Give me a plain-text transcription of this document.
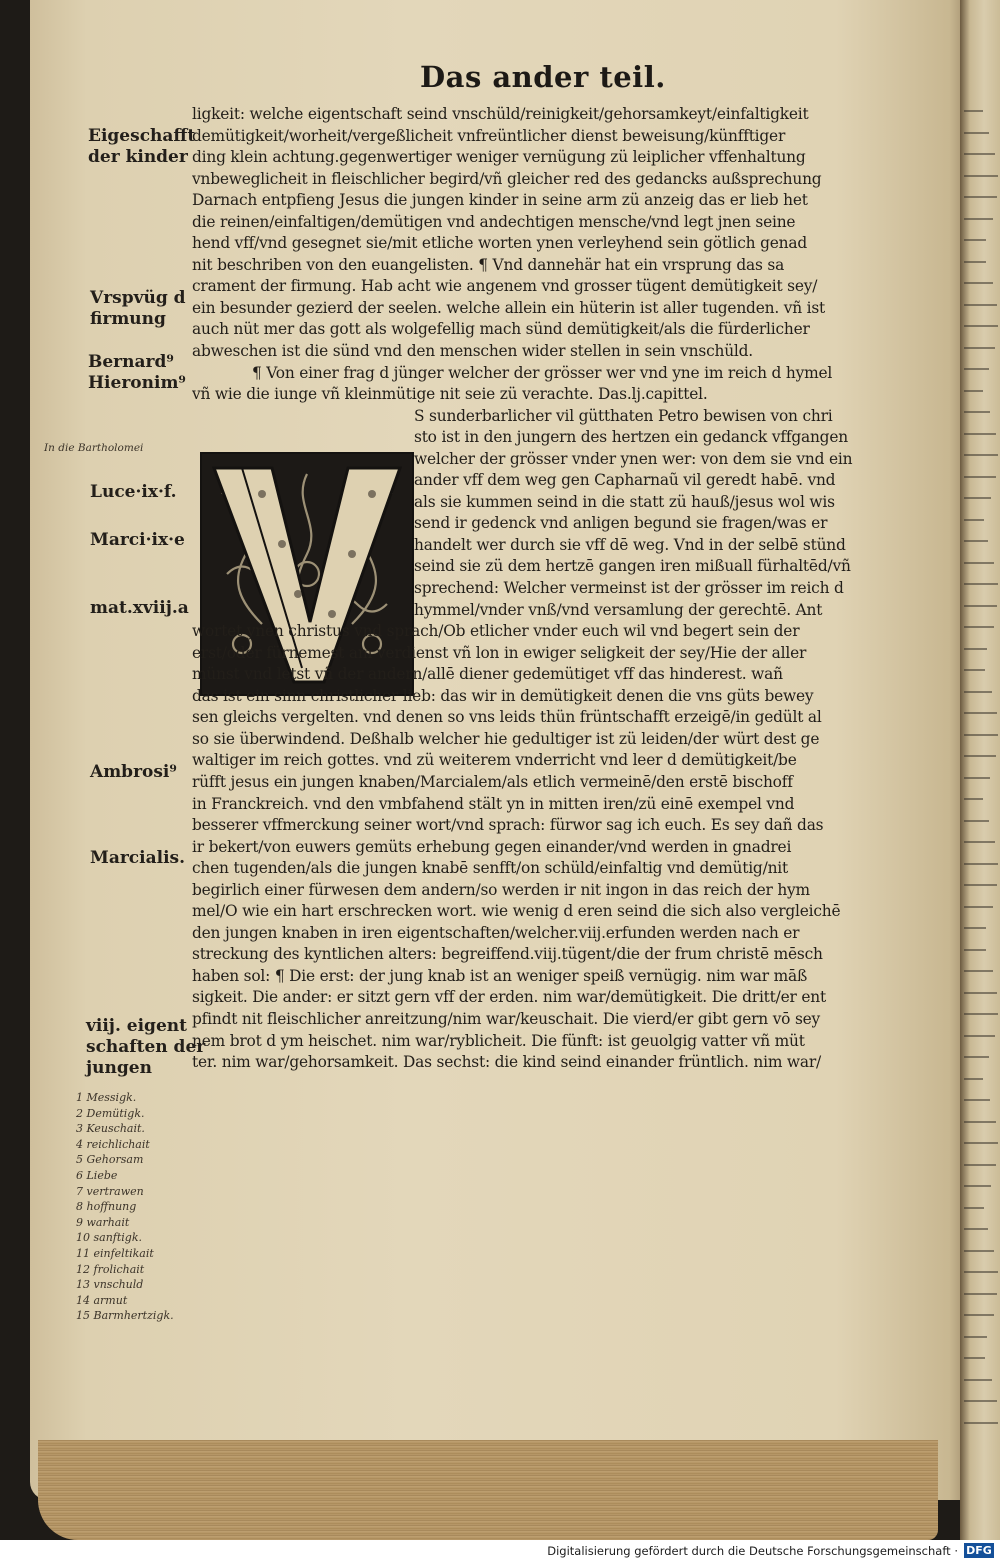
Das ander teil.
Eigeschafft
der kinder
Vrspvüg d
firmung
Bernard⁹
Hieronim⁹
Luce·ix·f.
Marci·ix·e
mat.xviij.a
Ambrosi⁹
Marcialis.
viij. eigent
schaften der
jungen
In die Bartholomei
1 Messigk.
2 Demütigk.
3 Keuschait.
4 reichlichait
5 Gehorsam
6 Liebe
7 vertrawen
8 hoffnung
9 warhait
10 sanftigk.
11 einfeltikait
12 frolichait
13 vnschuld
14 armut
15 Barmhertzigk.
ligkeit: welche eigentschaft seind vnschüld/reinigkeit/gehorsamkeyt/einfaltigkeit
demütigkeit/worheit/vergeßlicheit vnfreüntlicher dienst beweisung/künfftiger
ding klein achtung.gegenwertiger weniger vernügung zü leiplicher vffenhaltung
vnbeweglicheit in fleischlicher begird/vñ gleicher red des gedancks außsprechung
Darnach entpfieng Jesus die jungen kinder in seine arm zü anzeig das er lieb het
die reinen/einfaltigen/demütigen vnd andechtigen mensche/vnd legt jnen seine
hend vff/vnd gesegnet sie/mit etliche worten ynen verleyhend sein götlich genad
nit beschriben von den euangelisten. ¶ Vnd dannehär hat ein vrsprung das sa
crament der firmung. Hab acht wie angenem vnd grosser tügent demütigkeit sey/
ein besunder gezierd der seelen. welche allein ein hüterin ist aller tugenden. vñ ist
auch nüt mer das gott als wolgefellig mach sünd demütigkeit/als die fürderlicher
abweschen ist die sünd vnd den menschen wider stellen in sein vnschüld.
¶ Von einer frag d jünger welcher der grösser wer vnd yne im reich d hymel
vñ wie die iunge vñ kleinmütige nit seie zü verachte. Das.lj.capittel.
S sunderbarlicher vil gütthaten Petro bewisen von chri
sto ist in den jungern des hertzen ein gedanck vffgangen
welcher der grösser vnder ynen wer: von dem sie vnd ein
ander vff dem weg gen Capharnaũ vil geredt habē. vnd
als sie kummen seind in die statt zü hauß/jesus wol wis
send ir gedenck vnd anligen begund sie fragen/was er
handelt wer durch sie vff dē weg. Vnd in der selbē stünd
seind sie zü dem hertzē gangen iren mißuall fürhaltēd/vñ
sprechend: Welcher vermeinst ist der grösser im reich d
hymmel/vnder vnß/vnd versamlung der gerechtē. Ant
wortet ynen christus vnd sprach/Ob etlicher vnder euch wil vnd begert sein der
erst/oder fürnemest am verdienst vñ lon in ewiger seligkeit der sey/Hie der aller
münst vnd letst vñ der andern/allē diener gedemütiget vff das hinderest. wañ
das ist ein sinn christlicher lieb: das wir in demütigkeit denen die vns güts bewey
sen gleichs vergelten. vnd denen so vns leids thün früntschafft erzeigē/in gedült al
so sie überwindend. Deßhalb welcher hie gedultiger ist zü leiden/der würt dest ge
waltiger im reich gottes. vnd zü weiterem vnderricht vnd leer d demütigkeit/be
rüfft jesus ein jungen knaben/Marcialem/als etlich vermeinē/den erstē bischoff
in Franckreich. vnd den vmbfahend stält yn in mitten iren/zü einē exempel vnd
besserer vffmerckung seiner wort/vnd sprach: fürwor sag ich euch. Es sey dañ das
ir bekert/von euwers gemüts erhebung gegen einander/vnd werden in gnadrei
chen tugenden/als die jungen knabē senfft/on schüld/einfaltig vnd demütig/nit
begirlich einer fürwesen dem andern/so werden ir nit ingon in das reich der hym
mel/O wie ein hart erschrecken wort. wie wenig d eren seind die sich also vergleichē
den jungen knaben in iren eigentschaften/welcher.viij.erfunden werden nach er
streckung des kyntlichen alters: begreiffend.viij.tügent/die der frum christē mēsch
haben sol: ¶ Die erst: der jung knab ist an weniger speiß vernügig. nim war māß
sigkeit. Die ander: er sitzt gern vff der erden. nim war/demütigkeit. Die dritt/er ent
pfindt nit fleischlicher anreitzung/nim war/keuschait. Die vierd/er gibt gern vō sey
nem brot d ym heischet. nim war/ryblicheit. Die fünft: ist geuolgig vatter vñ müt
ter. nim war/gehorsamkeit. Das sechst: die kind seind einander früntlich. nim war/
Digitalisierung gefördert durch die Deutsche Forschungsgemeinschaft · DFG
